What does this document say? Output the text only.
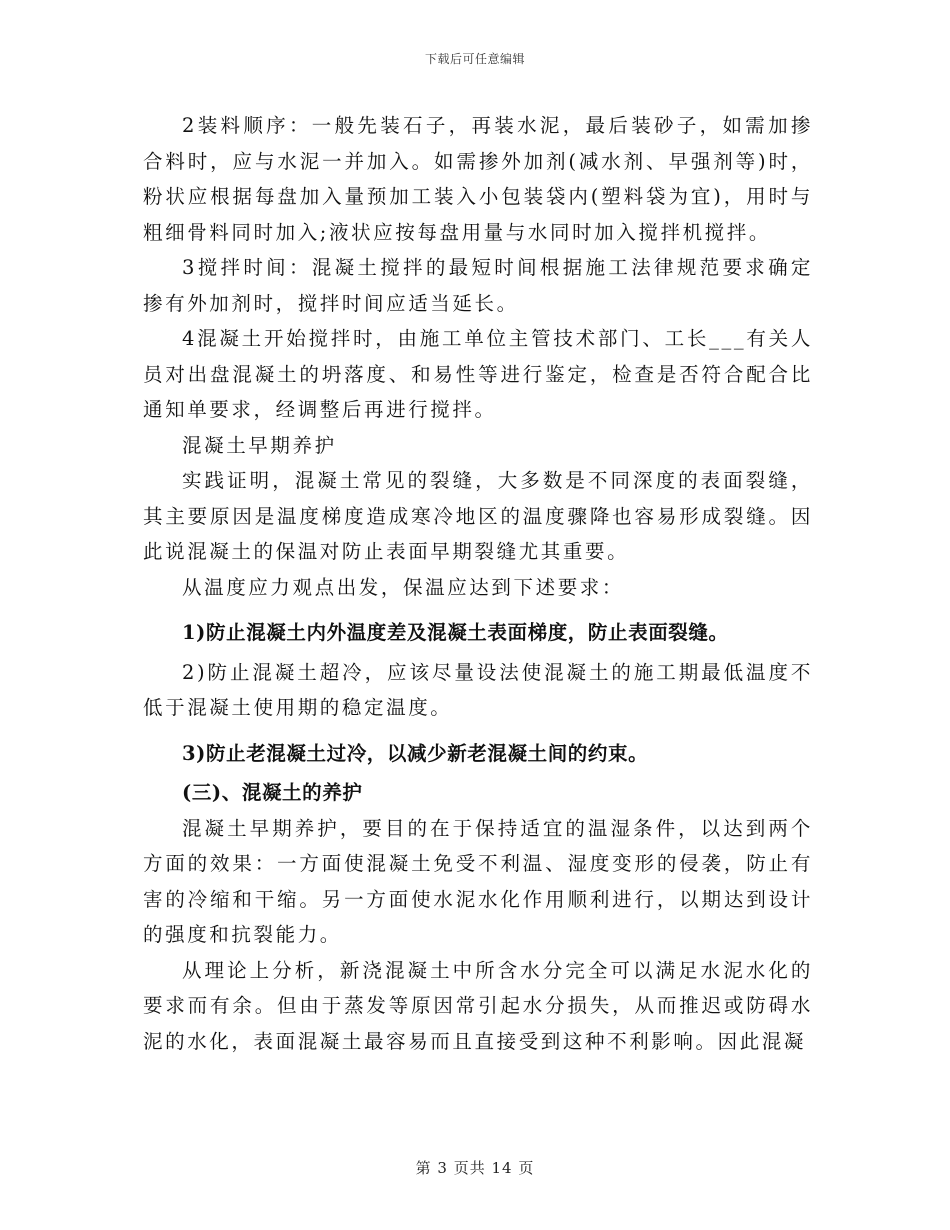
下载后可任意编辑

2装料顺序：一般先装石子，再装水泥，最后装砂子，如需加掺合料时，应与水泥一并加入。如需掺外加剂(减水剂、早强剂等)时，粉状应根据每盘加入量预加工装入小包装袋内(塑料袋为宜)，用时与粗细骨料同时加入;液状应按每盘用量与水同时加入搅拌机搅拌。

3搅拌时间：混凝土搅拌的最短时间根据施工法律规范要求确定掺有外加剂时，搅拌时间应适当延长。

4混凝土开始搅拌时，由施工单位主管技术部门、工长___有关人员对出盘混凝土的坍落度、和易性等进行鉴定，检查是否符合配合比通知单要求，经调整后再进行搅拌。

混凝土早期养护

实践证明，混凝土常见的裂缝，大多数是不同深度的表面裂缝，其主要原因是温度梯度造成寒冷地区的温度骤降也容易形成裂缝。因此说混凝土的保温对防止表面早期裂缝尤其重要。

从温度应力观点出发，保温应达到下述要求：

1)防止混凝土内外温度差及混凝土表面梯度，防止表面裂缝。

2)防止混凝土超冷，应该尽量设法使混凝土的施工期最低温度不低于混凝土使用期的稳定温度。

3)防止老混凝土过冷，以减少新老混凝土间的约束。

(三)、混凝土的养护

混凝土早期养护，要目的在于保持适宜的温湿条件，以达到两个方面的效果：一方面使混凝土免受不利温、湿度变形的侵袭，防止有害的冷缩和干缩。另一方面使水泥水化作用顺利进行，以期达到设计的强度和抗裂能力。

从理论上分析，新浇混凝土中所含水分完全可以满足水泥水化的要求而有余。但由于蒸发等原因常引起水分损失，从而推迟或防碍水泥的水化，表面混凝土最容易而且直接受到这种不利影响。因此混凝

第 3 页共 14 页
